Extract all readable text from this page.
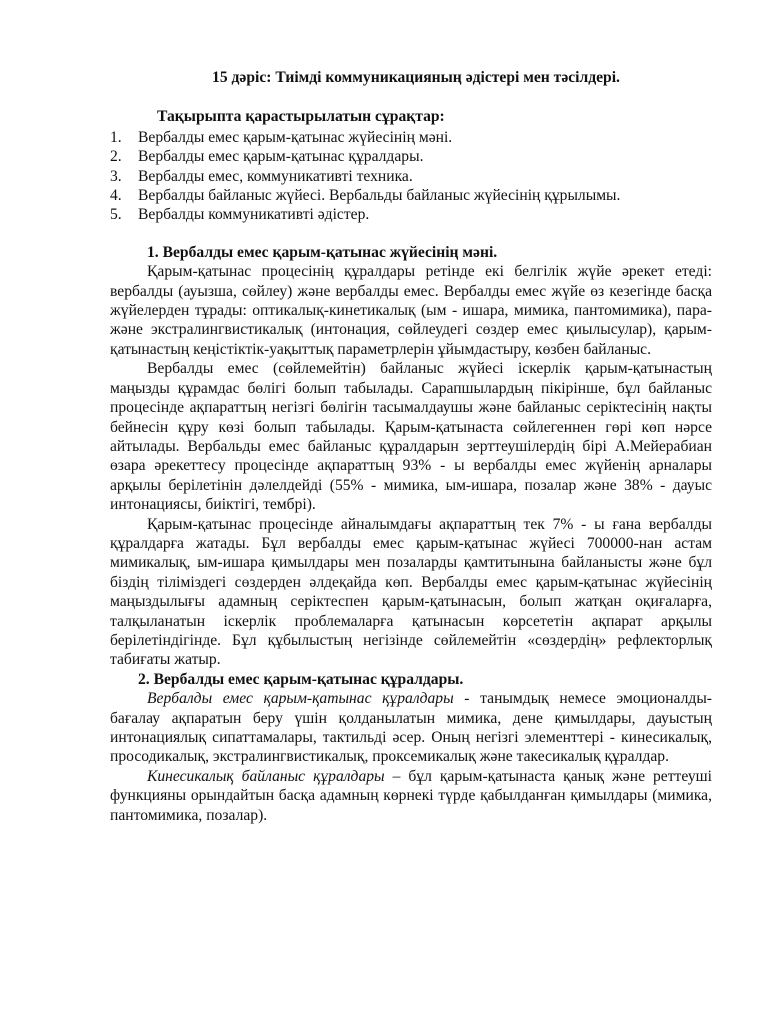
15 дәріс: Тиімді коммуникацияның әдістері мен тәсілдері.
Тақырыпта қарастырылатын сұрақтар:
1. Вербалды емес қарым-қатынас жүйесінің мәні.
2. Вербалды емес қарым-қатынас құралдары.
3. Вербалды емес, коммуникативті техника.
4. Вербалды байланыс жүйесі. Вербальды байланыс жүйесінің құрылымы.
5. Вербалды коммуникативті әдістер.
1. Вербалды емес қарым-қатынас жүйесінің мәні.

Қарым-қатынас процесінің құралдары ретінде екі белгілік жүйе әрекет етеді: вербалды (ауызша, сөйлеу) және вербалды емес. Вербалды емес жүйе өз кезегінде басқа жүйелерден тұрады: оптикалық-кинетикалық (ым - ишара, мимика, пантомимика), пара-және экстралингвистикалық (интонация, сөйлеудегі сөздер емес қиылысулар), қарым-қатынастың кеңістіктік-уақыттық параметрлерін ұйымдастыру, көзбен байланыс.

Вербалды емес (сөйлемейтін) байланыс жүйесі іскерлік қарым-қатынастың маңызды құрамдас бөлігі болып табылады. Сарапшылардың пікірінше, бұл байланыс процесінде ақпараттың негізгі бөлігін тасымалдаушы және байланыс серіктесінің нақты бейнесін құру көзі болып табылады. Қарым-қатынаста сөйлегеннен гөрі көп нәрсе айтылады. Вербальды емес байланыс құралдарын зерттеушілердің бірі А.Мейерабиан өзара әрекеттесу процесінде ақпараттың 93% - ы вербалды емес жүйенің арналары арқылы берілетінін дәлелдейді (55% - мимика, ым-ишара, позалар және 38% - дауыс интонациясы, биіктігі, тембрі).

Қарым-қатынас процесінде айналымдағы ақпараттың тек 7% - ы ғана вербалды құралдарға жатады. Бұл вербалды емес қарым-қатынас жүйесі 700000-нан астам мимикалық, ым-ишара қимылдары мен позаларды қамтитынына байланысты және бұл біздің тіліміздегі сөздерден әлдеқайда көп. Вербалды емес қарым-қатынас жүйесінің маңыздылығы адамның серіктеспен қарым-қатынасын, болып жатқан оқиғаларға, талқыланатын іскерлік проблемаларға қатынасын көрсететін ақпарат арқылы берілетіндігінде. Бұл құбылыстың негізінде сөйлемейтін «сөздердің» рефлекторлық табиғаты жатыр.

2. Вербалды емес қарым-қатынас құралдары.

Вербалды емес қарым-қатынас құралдары - танымдық немесе эмоционалды-бағалау ақпаратын беру үшін қолданылатын мимика, дене қимылдары, дауыстың интонациялық сипаттамалары, тактильді әсер. Оның негізгі элементтері - кинесикалық, просодикалық, экстралингвистикалық, проксемикалық және такесикалық құралдар.

Кинесикалық байланыс құралдары – бұл қарым-қатынаста қанық және реттеуші функцияны орындайтын басқа адамның көрнекі түрде қабылданған қимылдары (мимика, пантомимика, позалар).
